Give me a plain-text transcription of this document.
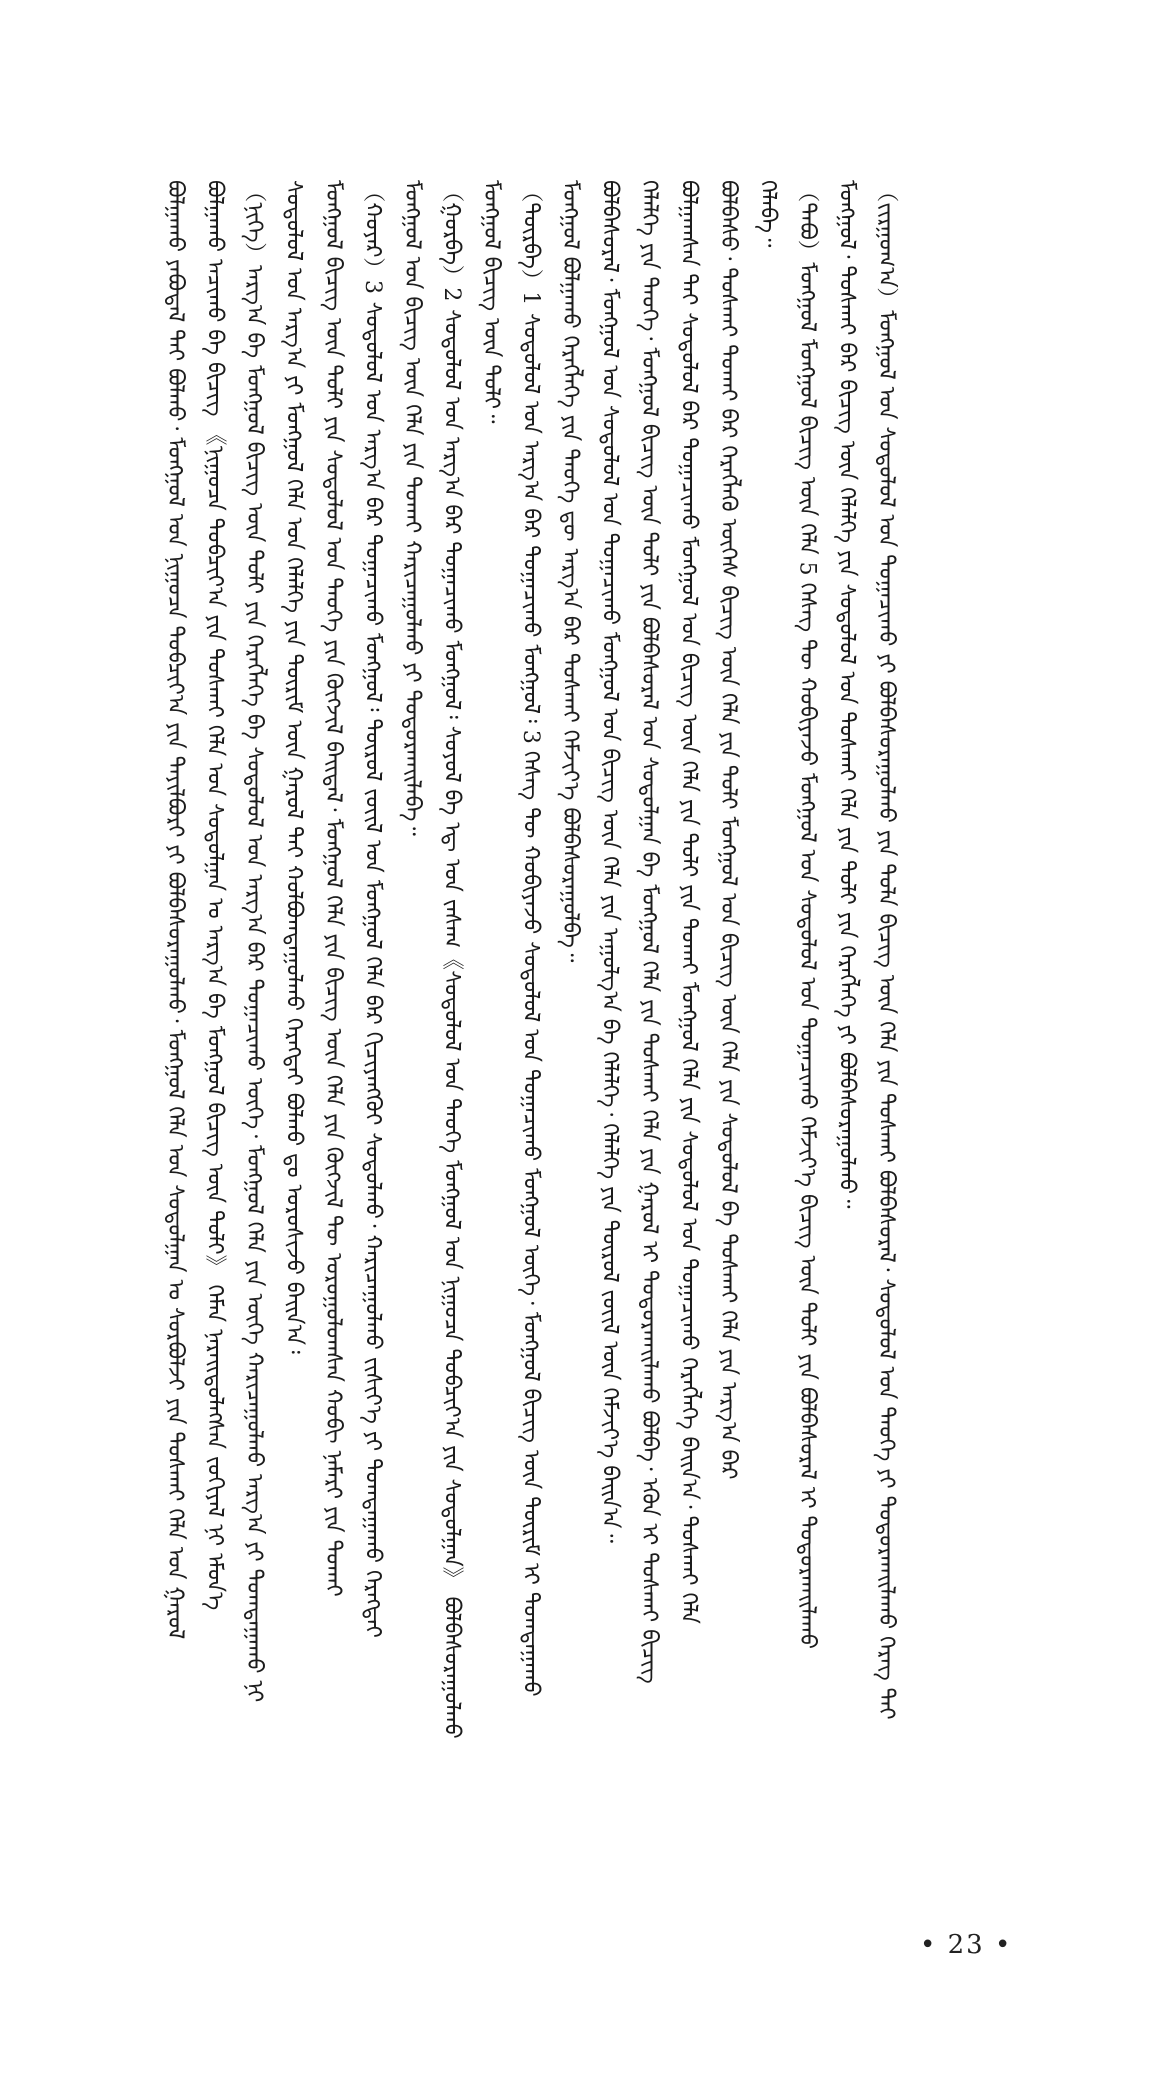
ᠪᠣᠯᠭᠠᠬᠤ ᠶᠠᠪᠤᠳᠠᠯ ᠲᠠᠢ ᠪᠤᠯᠬᠤ᠂ ᠮᠣᠩᠭᠣᠯ ᠤᠨ ᠨᠢᠭᠤᠴᠠ ᠲᠣᠪᠴᠢᠶ᠎ᠠ ᠶᠢᠨ ᠲᠠᠶᠢᠯᠪᠤᠷᠢ ᠶᠢ ᠪᠣᠯᠪᠠᠰᠤᠷᠠᠭᠤᠯᠬᠤ᠂ ᠮᠣᠩᠭᠣᠯ ᠬᠡᠯᠡ ᠤᠨ ᠰᠤᠳᠤᠯᠭᠠᠨ ᠤ ᠰᠤᠷᠪᠤᠯᠵᠢ ᠶᠢᠨ ᠲᠤᠰᠬᠠᠢ ᠬᠡᠯᠡ ᠤᠨ ᠭᠠᠷᠤᠯ ᠪᠣᠯᠭᠠᠬᠤ ᠠᠴᠢᠬᠤ ᠪᠠ ᠪᠢᠴᠢᠭ᠌ 《ᠨᠢᠭᠤᠴᠠ ᠲᠣᠪᠴᠢᠶ᠎ᠠ ᠶᠢᠨ ᠲᠤᠰᠬᠠᠢ ᠬᠡᠯᠡ ᠤᠨ ᠰᠤᠳᠤᠯᠭᠠᠨ ᠤ ᠠᠷᠭ᠎ᠠ ᠪᠠ ᠮᠣᠩᠭᠣᠯ ᠪᠢᠴᠢᠭ᠌ ᠦᠨ ᠲᠤᠯᠢ》 ᠬᠡᠮᠡᠨ ᠨᠡᠷᠡᠢᠳᠦᠯᠡᠭᠰᠡᠨ ᠵᠣᠬᠢᠶᠠᠯ ᠨᠢ ᠡᠮᠦᠨ᠎ᠡ （ᠨᠢᠭᠡ）ᠠᠷᠭ᠎ᠠ ᠪᠠ ᠮᠣᠩᠭᠣᠯ ᠪᠢᠴᠢᠭ᠌ ᠦᠨ ᠲᠤᠯᠢ ᠶᠢᠨ ᠬᠡᠷᠡᠭᠯᠡᠭᠡ ᠪᠠ ᠰᠤᠳᠤᠯᠤᠯ ᠤᠨ ᠠᠷᠭ᠎ᠠ ᠪᠠᠷ ᠲᠣᠭᠠᠴᠢᠬᠤ ᠦᠭᠡ᠂ ᠮᠣᠩᠭᠣᠯ ᠬᠡᠯᠡ ᠶᠢᠨ ᠦᠭᠡ ᠬᠠᠷᠢᠴᠠᠭᠤᠯᠬᠤ ᠠᠷᠭ᠎ᠠ ᠶᠢ ᠲᠣᠭᠲᠠᠭᠠᠬᠤ ᠨᠢ ᠰᠤᠳᠤᠯᠤᠯ ᠤᠨ ᠠᠷᠭ᠎ᠠ ᠶᠢ ᠮᠣᠩᠭᠣᠯ ᠬᠡᠯᠡ ᠤᠨ ᠬᠡᠯᠡᠯᠭᠡ ᠶᠢᠨ ᠳᠦᠷᠢᠮ ᠦᠨ ᠭᠠᠷᠤᠯ ᠲᠡᠢ ᠬᠤᠯᠪᠤᠭᠳᠠᠭᠤᠯᠬᠤ ᠬᠡᠷᠡᠭᠲᠡᠢ ᠪᠤᠯᠬᠤ ᠳᠤ ᠣᠷᠣᠰᠢᠵᠤ ᠪᠠᠢᠨ᠎ᠠ᠄ ᠮᠣᠩᠭᠣᠯ ᠪᠢᠴᠢᠭ᠌ ᠦᠨ ᠲᠤᠯᠢ ᠶᠢᠨ ᠰᠤᠳᠤᠯᠤᠯ ᠤᠨ ᠲᠡᠦᠬᠡ ᠶᠢᠨ ᠬᠦᠭᠵᠢᠯ ᠪᠠᠢᠳᠠᠯ᠂ ᠮᠣᠩᠭᠣᠯ ᠬᠡᠯᠡ ᠶᠢᠨ ᠪᠢᠴᠢᠭ᠌ ᠦᠨ ᠬᠡᠯᠡ ᠶᠢᠨ ᠬᠦᠭᠵᠢᠯ ᠲᠦ ᠣᠷᠣᠭᠤᠯᠤᠭᠰᠠᠨ ᠬᠤᠪᠢ ᠨᠡᠮᠡᠷᠢ ᠶᠢᠨ ᠲᠤᠬᠠᠢ （ᠬᠣᠶᠠᠷ）3 ᠰᠤᠳᠤᠯᠤᠯ ᠤᠨ ᠠᠷᠭ᠎ᠠ ᠪᠠᠷ ᠲᠣᠭᠠᠴᠢᠬᠤ ᠮᠣᠩᠭᠣᠯ᠄ ᠲᠦᠷᠦᠯ ᠵᠦᠢᠯ ᠤᠨ ᠮᠣᠩᠭᠣᠯ ᠬᠡᠯᠡ ᠪᠠᠷ ᠬᠢᠴᠢᠶᠡᠩᠭᠦᠢ ᠰᠤᠳᠤᠯᠬᠤ᠂ ᠬᠠᠷᠢᠴᠠᠭᠤᠯᠬᠤ ᠵᠢᠱᠢᠶ᠎ᠡ ᠶᠢ ᠲᠣᠭᠲᠠᠭᠠᠬᠤ ᠬᠡᠷᠡᠭᠲᠡᠢ ᠮᠣᠩᠭᠣᠯ ᠤᠨ ᠪᠢᠴᠢᠭ᠌ ᠦᠨ ᠬᠡᠯᠡ ᠶᠢᠨ ᠲᠤᠬᠠᠢ ᠬᠠᠷᠢᠴᠠᠭᠤᠯᠬᠤ ᠶᠢ ᠲᠣᠳᠤᠷᠬᠠᠢᠯᠠᠪᠠ᠃ （ᠭᠤᠷᠪᠠ）2 ᠰᠤᠳᠤᠯᠤᠯ ᠤᠨ ᠠᠷᠭ᠎ᠠ ᠪᠠᠷ ᠲᠣᠭᠠᠴᠢᠬᠤ ᠮᠣᠩᠭᠣᠯ᠄ ᠰᠣᠶᠣᠯ ᠪᠠ ᠡᠳ᠋ ᠤᠨ ᠵᠠᠰᠠᠭ《ᠰᠤᠳᠤᠯᠤᠯ ᠤᠨ ᠲᠡᠦᠬᠡ ᠮᠣᠩᠭᠣᠯ ᠤᠨ ᠨᠢᠭᠤᠴᠠ ᠲᠣᠪᠴᠢᠶ᠎ᠠ ᠶᠢᠨ ᠰᠤᠳᠤᠯᠭᠠᠨ》 ᠪᠣᠯᠪᠠᠰᠤᠷᠠᠭᠤᠯᠬᠤ ᠮᠣᠩᠭᠣᠯ ᠪᠢᠴᠢᠭ᠌ ᠦᠨ ᠲᠤᠯᠢ᠃ （ᠳᠥᠷᠪᠡ）1 ᠰᠤᠳᠤᠯᠤᠯ ᠤᠨ ᠠᠷᠭ᠎ᠠ ᠪᠠᠷ ᠲᠣᠭᠠᠴᠢᠬᠤ ᠮᠣᠩᠭᠣᠯ᠄ 3 ᠬᠡᠰᠡᠭ ᠲᠦ ᠬᠤᠪᠢᠶᠠᠵᠤ ᠰᠤᠳᠤᠯᠤᠯ ᠤᠨ ᠲᠣᠭᠠᠴᠢᠬᠤ ᠮᠣᠩᠭᠣᠯ ᠦᠭᠡ᠂ ᠮᠣᠩᠭᠣᠯ ᠪᠢᠴᠢᠭ᠌ ᠦᠨ ᠳᠦᠷᠢᠮ ᠢ ᠲᠣᠭᠲᠠᠭᠠᠬᠤ ᠮᠣᠩᠭᠣᠯ ᠪᠣᠯᠭᠠᠬᠤ ᠬᠡᠷᠡᠭᠯᠡᠭᠡ ᠶᠢᠨ ᠲᠡᠦᠬᠡ ᠳᠦ ᠠᠷᠭ᠎ᠠ ᠪᠡᠷ ᠲᠤᠰᠬᠠᠢ ᠬᠡᠮᠵᠢᠶ᠎ᠡ ᠪᠣᠯᠪᠠᠰᠤᠷᠠᠭᠤᠯᠪᠠ᠃ ᠪᠣᠯᠪᠠᠰᠤᠷᠠᠯ᠂ ᠮᠣᠩᠭᠣᠯ ᠤᠨ ᠰᠤᠳᠤᠯᠤᠯ ᠤᠨ ᠲᠣᠭᠠᠴᠢᠬᠤ ᠮᠣᠩᠭᠣᠯ ᠤᠨ ᠪᠢᠴᠢᠭ᠌ ᠦᠨ ᠬᠡᠯᠡ ᠶᠢᠨ ᠠᠭᠤᠯᠭ᠎ᠠ ᠪᠠ ᠬᠡᠯᠡᠯᠭᠡ᠂ ᠬᠡᠯᠡᠯᠭᠡ ᠶᠢᠨ ᠲᠦᠷᠦᠯ ᠵᠦᠢᠯ ᠦᠨ ᠬᠡᠮᠵᠢᠶ᠎ᠡ ᠪᠠᠢᠨ᠎ᠠ᠃ ᠬᠡᠯᠡᠯᠭᠡ ᠶᠢᠨ ᠲᠡᠦᠬᠡ᠂ ᠮᠣᠩᠭᠣᠯ ᠪᠢᠴᠢᠭ᠌ ᠦᠨ ᠲᠤᠯᠢ ᠶᠢᠨ ᠪᠣᠯᠪᠠᠰᠤᠷᠠᠯ ᠤᠨ ᠰᠤᠳᠤᠯᠭᠠᠨ ᠪᠠ ᠮᠣᠩᠭᠣᠯ ᠬᠡᠯᠡ ᠶᠢᠨ ᠲᠤᠰᠬᠠᠢ ᠬᠡᠯᠡ ᠶᠢᠨ ᠭᠠᠷᠤᠯ ᠢ ᠲᠣᠳᠤᠷᠬᠠᠢᠯᠠᠬᠤ ᠪᠣᠯᠪᠠ᠂ ᠡᠭᠦᠨ ᠢ ᠲᠤᠰᠬᠠᠢ ᠪᠢᠴᠢᠭ᠌ ᠪᠣᠯᠭᠠᠭᠰᠠᠨ ᠲᠠᠢ ᠰᠤᠳᠤᠯᠤᠯ ᠪᠠᠷ ᠲᠣᠭᠠᠴᠢᠬᠤ ᠮᠣᠩᠭᠣᠯ ᠤᠨ ᠪᠢᠴᠢᠭ᠌ ᠦᠨ ᠬᠡᠯᠡ ᠶᠢᠨ ᠲᠤᠯᠢ ᠶᠢᠨ ᠲᠤᠬᠠᠢ ᠮᠣᠩᠭᠣᠯ ᠬᠡᠯᠡ ᠶᠢᠨ ᠰᠤᠳᠤᠯᠤᠯ ᠤᠨ ᠲᠣᠭᠠᠴᠢᠬᠤ ᠬᠡᠷᠡᠭᠯᠡᠭᠡ ᠪᠠᠢᠨ᠎ᠠ᠂ ᠲᠤᠰᠬᠠᠢ ᠬᠡᠯᠡ ᠪᠣᠯᠪᠠᠰᠤ᠂ ᠲᠤᠰᠬᠠᠢ ᠲᠤᠬᠠᠢ ᠪᠠᠷ ᠬᠡᠷᠡᠭᠯᠡᠬᠦ ᠦᠭᠡᠰ ᠪᠢᠴᠢᠭ᠌ ᠦᠨ ᠬᠡᠯᠡ ᠶᠢᠨ ᠲᠤᠯᠢ ᠮᠣᠩᠭᠣᠯ ᠤᠨ ᠪᠢᠴᠢᠭ᠌ ᠦᠨ ᠬᠡᠯᠡ ᠶᠢᠨ ᠰᠤᠳᠤᠯᠤᠯ ᠪᠠ ᠲᠤᠰᠬᠠᠢ ᠬᠡᠯᠡ ᠶᠢᠨ ᠠᠷᠭ᠎ᠠ ᠪᠠᠷ ᠬᠡᠯᠡᠪᠡ᠃ （ᠲᠠᠪᠤ）ᠮᠣᠩᠭᠣᠯ ᠮᠣᠩᠭᠣᠯ ᠪᠢᠴᠢᠭ᠌ ᠦᠨ ᠬᠡᠯᠡ 5 ᠬᠡᠰᠡᠭ ᠲᠦ ᠬᠤᠪᠢᠶᠠᠵᠤ ᠮᠣᠩᠭᠣᠯ ᠤᠨ ᠰᠤᠳᠤᠯᠤᠯ ᠤᠨ ᠲᠣᠭᠠᠴᠢᠬᠤ ᠬᠡᠮᠵᠢᠶ᠎ᠡ ᠪᠢᠴᠢᠭ᠌ ᠦᠨ ᠲᠤᠯᠢ ᠶᠢᠨ ᠪᠣᠯᠪᠠᠰᠤᠷᠠᠯ ᠢ ᠲᠣᠳᠤᠷᠬᠠᠢᠯᠠᠬᠤ ᠮᠣᠩᠭᠣᠯ᠂ ᠲᠤᠰᠬᠠᠢ ᠪᠠᠷ ᠪᠢᠴᠢᠭ᠌ ᠦᠨ ᠬᠡᠯᠡᠯᠭᠡ ᠶᠢᠨ ᠰᠤᠳᠤᠯᠤᠯ ᠤᠨ ᠲᠤᠰᠬᠠᠢ ᠬᠡᠯᠡ ᠶᠢᠨ ᠲᠤᠯᠢ ᠶᠢᠨ ᠬᠡᠷᠡᠭᠯᠡᠭᠡ ᠶᠢ ᠪᠣᠯᠪᠠᠰᠤᠷᠠᠭᠤᠯᠬᠤ᠃ （ᠵᠢᠷᠭᠤᠭ᠎ᠠ）ᠮᠣᠩᠭᠣᠯ ᠤᠨ ᠰᠤᠳᠤᠯᠤᠯ ᠤᠨ ᠲᠣᠭᠠᠴᠢᠬᠤ ᠶᠢ ᠪᠣᠯᠪᠠᠰᠤᠷᠠᠭᠤᠯᠬᠤ ᠶᠢᠨ ᠲᠤᠯᠠ ᠪᠢᠴᠢᠭ᠌ ᠦᠨ ᠬᠡᠯᠡ ᠶᠢᠨ ᠲᠤᠰᠬᠠᠢ ᠪᠣᠯᠪᠠᠰᠤᠷᠠᠯ᠂ ᠰᠤᠳᠤᠯᠤᠯ ᠤᠨ ᠲᠡᠦᠬᠡ ᠶᠢ ᠲᠣᠳᠤᠷᠬᠠᠢᠯᠠᠬᠤ ᠬᠡᠷᠡᠭ ᠲᠠᠢ
• 23 •
